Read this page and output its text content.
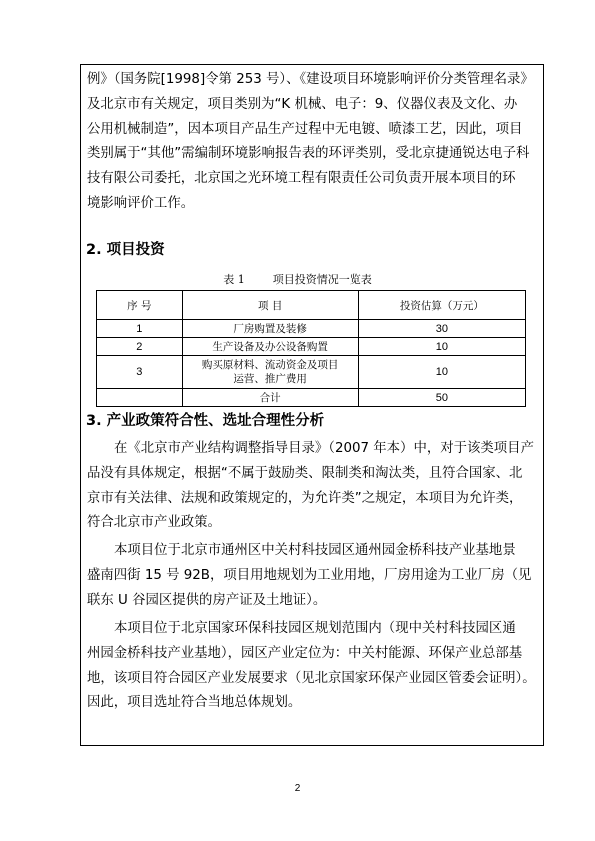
例》（国务院[1998]令第 253 号）、《建设项目环境影响评价分类管理名录》
及北京市有关规定，项目类别为“K 机械、电子：9、仪器仪表及文化、办
公用机械制造”，因本项目产品生产过程中无电镀、喷漆工艺，因此，项目
类别属于“其他”需编制环境影响报告表的环评类别，受北京捷通锐达电子科
技有限公司委托，北京国之光环境工程有限责任公司负责开展本项目的环
境影响评价工作。
2. 项目投资
表 1        项目投资情况一览表
序 号	项 目	投资估算（万元）
1	厂房购置及装修	30
2	生产设备及办公设备购置	10
3	购买原材料、流动资金及项目
运营、推广费用	10
	合计	50
3. 产业政策符合性、选址合理性分析
在《北京市产业结构调整指导目录》（2007 年本）中，对于该类项目产
品没有具体规定，根据“不属于鼓励类、限制类和淘汰类，且符合国家、北
京市有关法律、法规和政策规定的，为允许类”之规定，本项目为允许类，
符合北京市产业政策。
本项目位于北京市通州区中关村科技园区通州园金桥科技产业基地景
盛南四街 15 号 92B，项目用地规划为工业用地，厂房用途为工业厂房（见
联东 U 谷园区提供的房产证及土地证）。
本项目位于北京国家环保科技园区规划范围内（现中关村科技园区通
州园金桥科技产业基地），园区产业定位为：中关村能源、环保产业总部基
地，该项目符合园区产业发展要求（见北京国家环保产业园区管委会证明）。
因此，项目选址符合当地总体规划。
2
